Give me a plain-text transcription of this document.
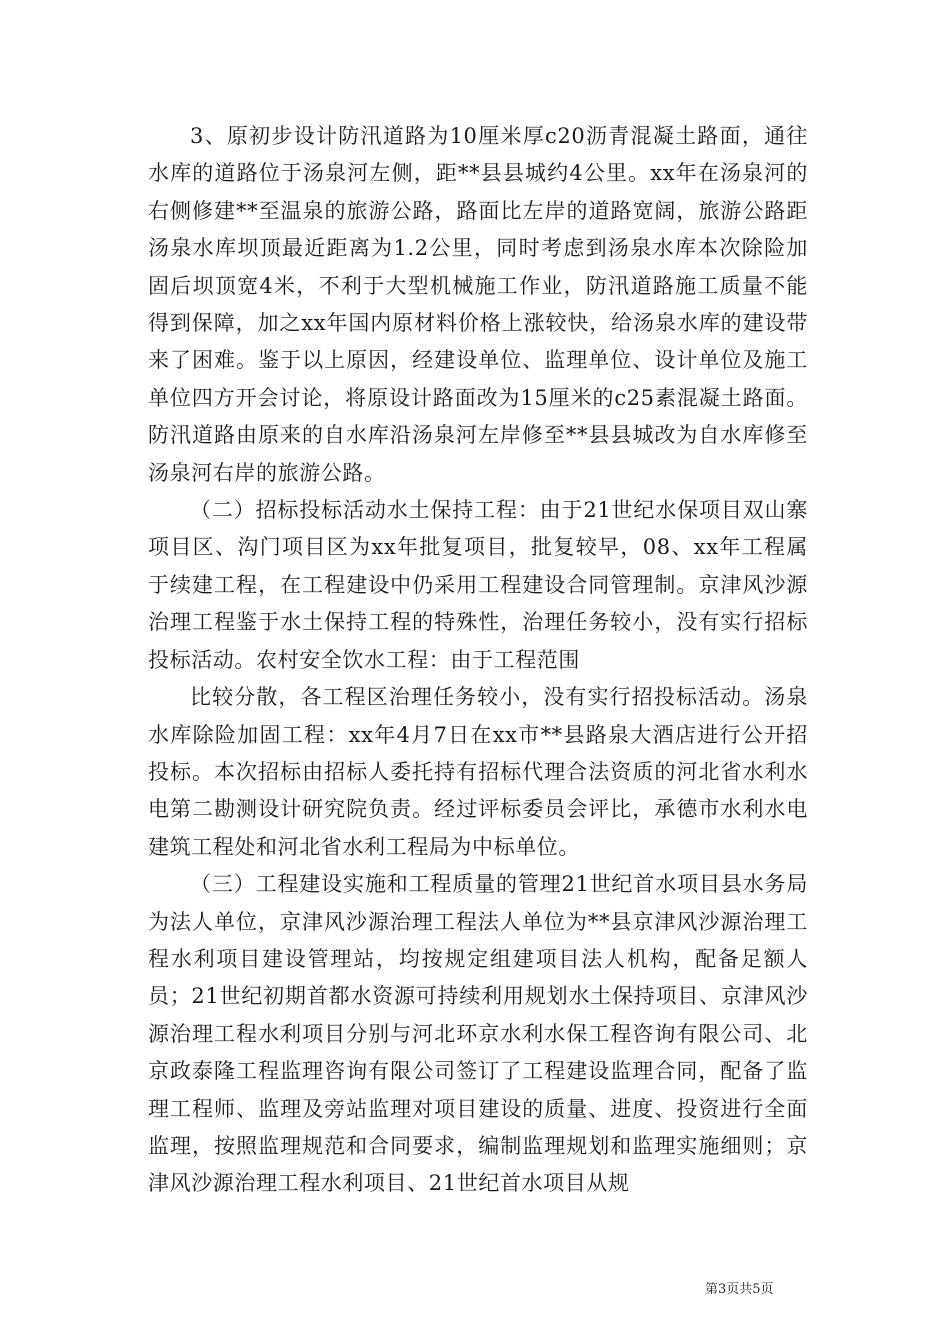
3、原初步设计防汛道路为10厘米厚c20沥青混凝土路面，通往水库的道路位于汤泉河左侧，距**县县城约4公里。xx年在汤泉河的右侧修建**至温泉的旅游公路，路面比左岸的道路宽阔，旅游公路距汤泉水库坝顶最近距离为1.2公里，同时考虑到汤泉水库本次除险加固后坝顶宽4米，不利于大型机械施工作业，防汛道路施工质量不能得到保障，加之xx年国内原材料价格上涨较快，给汤泉水库的建设带来了困难。鉴于以上原因，经建设单位、监理单位、设计单位及施工单位四方开会讨论，将原设计路面改为15厘米的c25素混凝土路面。防汛道路由原来的自水库沿汤泉河左岸修至**县县城改为自水库修至汤泉河右岸的旅游公路。

（二）招标投标活动水土保持工程：由于21世纪水保项目双山寨项目区、沟门项目区为xx年批复项目，批复较早，08、xx年工程属于续建工程，在工程建设中仍采用工程建设合同管理制。京津风沙源治理工程鉴于水土保持工程的特殊性，治理任务较小，没有实行招标投标活动。农村安全饮水工程：由于工程范围

比较分散，各工程区治理任务较小，没有实行招投标活动。汤泉水库除险加固工程：xx年4月7日在xx市**县路泉大酒店进行公开招投标。本次招标由招标人委托持有招标代理合法资质的河北省水利水电第二勘测设计研究院负责。经过评标委员会评比，承德市水利水电建筑工程处和河北省水利工程局为中标单位。

（三）工程建设实施和工程质量的管理21世纪首水项目县水务局为法人单位，京津风沙源治理工程法人单位为**县京津风沙源治理工程水利项目建设管理站，均按规定组建项目法人机构，配备足额人员；21世纪初期首都水资源可持续利用规划水土保持项目、京津风沙源治理工程水利项目分别与河北环京水利水保工程咨询有限公司、北京政泰隆工程监理咨询有限公司签订了工程建设监理合同，配备了监理工程师、监理及旁站监理对项目建设的质量、进度、投资进行全面监理，按照监理规范和合同要求，编制监理规划和监理实施细则；京津风沙源治理工程水利项目、21世纪首水项目从规

第3页共5页
